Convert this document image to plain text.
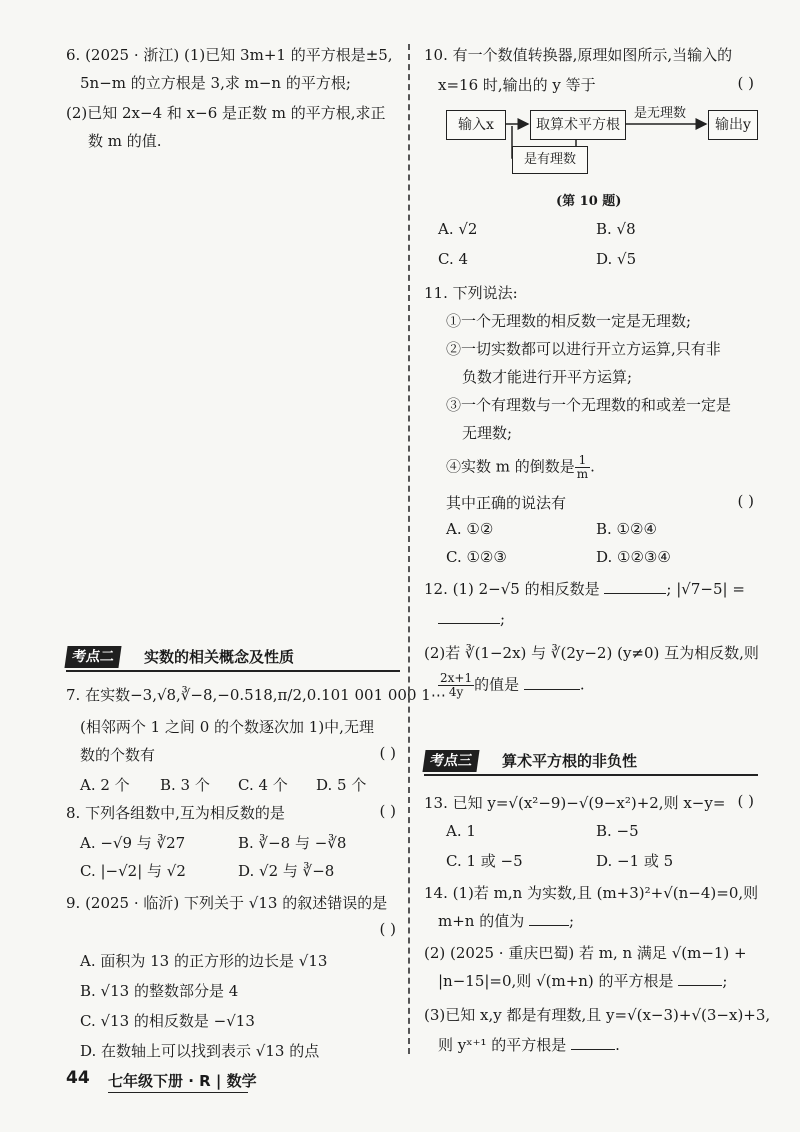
6. (2025 · 浙江) (1)已知 3m+1 的平方根是±5,
5n−m 的立方根是 3,求 m−n 的平方根;
(2)已知 2x−4 和 x−6 是正数 m 的平方根,求正
数 m 的值.
考点二	实数的相关概念及性质
7. 在实数−3,√8,∛−8,−0.518,π/2,0.101 001 000 1⋯
(相邻两个 1 之间 0 的个数逐次加 1)中,无理
数的个数有	( )
A. 2 个 B. 3 个 C. 4 个 D. 5 个
8. 下列各组数中,互为相反数的是	( )
A. −√9 与 ∛27	B. ∛−8 与 −∛8
C. |−√2| 与 √2	D. √2 与 ∛−8
9. (2025 · 临沂) 下列关于 √13 的叙述错误的是
( )
A. 面积为 13 的正方形的边长是 √13
B. √13 的整数部分是 4
C. √13 的相反数是 −√13
D. 在数轴上可以找到表示 √13 的点
10. 有一个数值转换器,原理如图所示,当输入的
x=16 时,输出的 y 等于	( )
输入x	取算术平方根	输出y
是无理数
是有理数
(第 10 题)
A. √2	B. √8
C. 4	D. √5
11. 下列说法:
①一个无理数的相反数一定是无理数;
②一切实数都可以进行开立方运算,只有非
负数才能进行开平方运算;
③一个有理数与一个无理数的和或差一定是
无理数;
④实数 m 的倒数是 $\frac{1}{m}$ .
其中正确的说法有	( )
A. ①②	B. ①②④
C. ①②③	D. ①②③④
12. (1) 2−√5 的相反数是	; |√7−5| =
;
(2)若 ∛(1−2x) 与 ∛(2y−2) (y≠0) 互为相反数,则
$\frac{2x+1}{4y}$ 的值是	.
考点三	算术平方根的非负性
13. 已知 y=√(x²−9)−√(9−x²)+2,则 x−y= ( )
A. 1	B. −5
C. 1 或 −5	D. −1 或 5
14. (1)若 m,n 为实数,且 (m+3)²+√(n−4)=0,则
m+n 的值为	;
(2) (2025 · 重庆巴蜀) 若 m, n 满足 √(m−1) +
|n−15|=0,则 √(m+n) 的平方根是	;
(3)已知 x,y 都是有理数,且 y=√(x−3)+√(3−x)+3,
则 yˣ⁺¹ 的平方根是	.
44 七年级下册 · R | 数学
